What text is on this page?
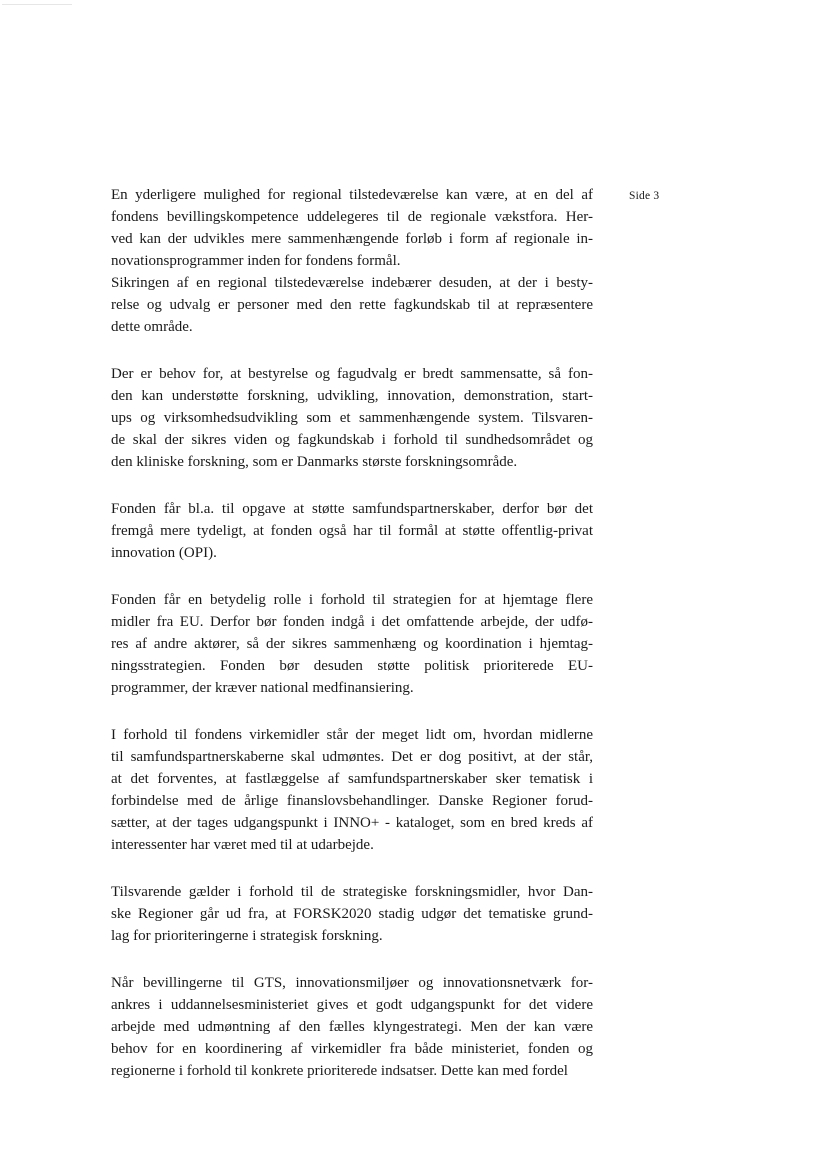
Side 3

En yderligere mulighed for regional tilstedeværelse kan være, at en del af
fondens bevillingskompetence uddelegeres til de regionale vækstfora. Her-
ved kan der udvikles mere sammenhængende forløb i form af regionale in-
novationsprogrammer inden for fondens formål.
Sikringen af en regional tilstedeværelse indebærer desuden, at der i besty-
relse og udvalg er personer med den rette fagkundskab til at repræsentere
dette område.

Der er behov for, at bestyrelse og fagudvalg er bredt sammensatte, så fon-
den kan understøtte forskning, udvikling, innovation, demonstration, start-
ups og virksomhedsudvikling som et sammenhængende system. Tilsvaren-
de skal der sikres viden og fagkundskab i forhold til sundhedsområdet og
den kliniske forskning, som er Danmarks største forskningsområde.

Fonden får bl.a. til opgave at støtte samfundspartnerskaber, derfor bør det
fremgå mere tydeligt, at fonden også har til formål at støtte offentlig-privat
innovation (OPI).

Fonden får en betydelig rolle i forhold til strategien for at hjemtage flere
midler fra EU. Derfor bør fonden indgå i det omfattende arbejde, der udfø-
res af andre aktører, så der sikres sammenhæng og koordination i hjemtag-
ningsstrategien. Fonden bør desuden støtte politisk prioriterede EU-
programmer, der kræver national medfinansiering.

I forhold til fondens virkemidler står der meget lidt om, hvordan midlerne
til samfundspartnerskaberne skal udmøntes. Det er dog positivt, at der står,
at det forventes, at fastlæggelse af samfundspartnerskaber sker tematisk i
forbindelse med de årlige finanslovsbehandlinger. Danske Regioner forud-
sætter, at der tages udgangspunkt i INNO+ - kataloget, som en bred kreds af
interessenter har været med til at udarbejde.

Tilsvarende gælder i forhold til de strategiske forskningsmidler, hvor Dan-
ske Regioner går ud fra, at FORSK2020 stadig udgør det tematiske grund-
lag for prioriteringerne i strategisk forskning.

Når bevillingerne til GTS, innovationsmiljøer og innovationsnetværk for-
ankres i uddannelsesministeriet gives et godt udgangspunkt for det videre
arbejde med udmøntning af den fælles klyngestrategi. Men der kan være
behov for en koordinering af virkemidler fra både ministeriet, fonden og
regionerne i forhold til konkrete prioriterede indsatser. Dette kan med fordel
